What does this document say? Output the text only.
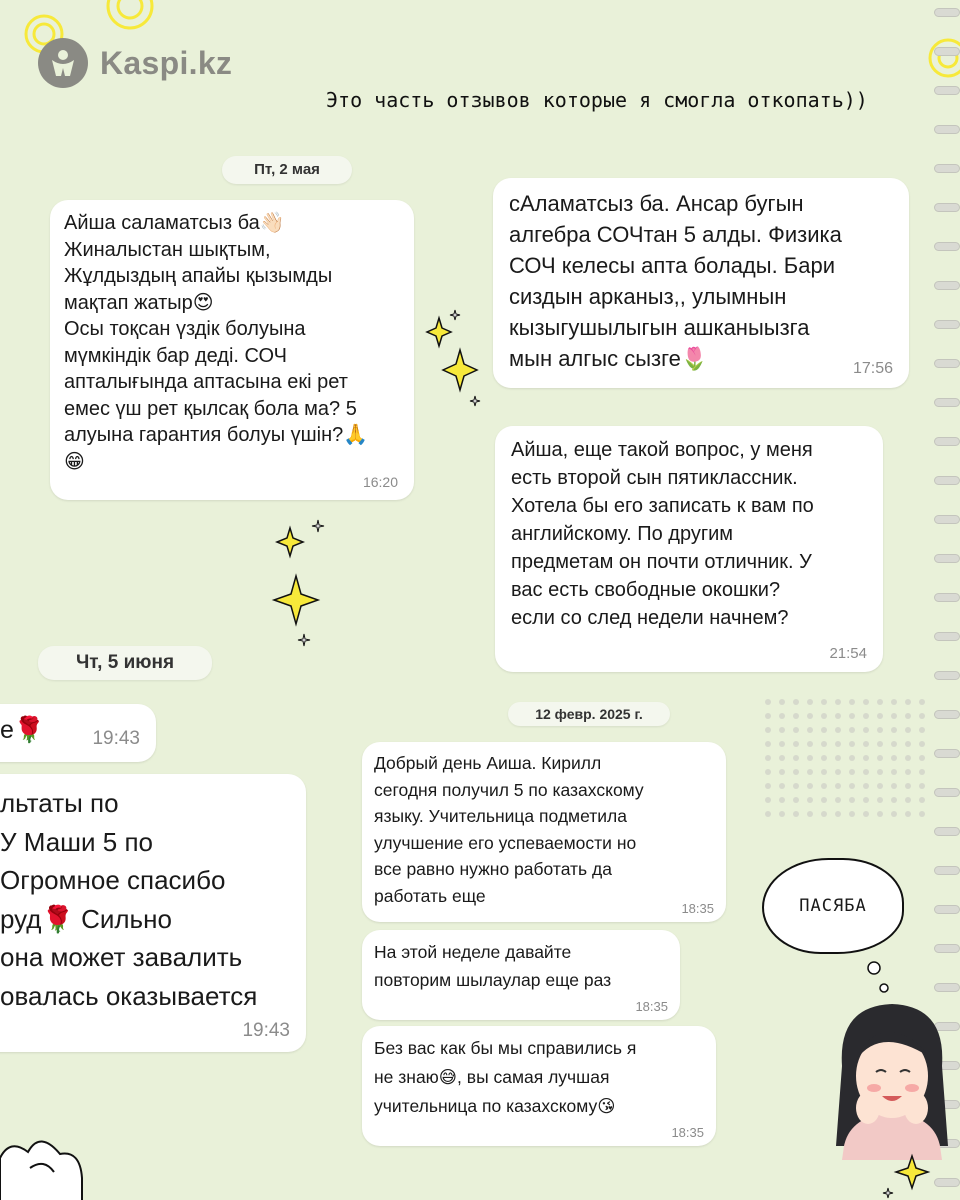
Kaspi.kz
Это часть отзывов которые я смогла откопать))
Пт, 2 мая
Айша саламатсыз ба👋🏻
Жиналыстан шықтым,
Жұлдыздың апайы қызымды
мақтап жатыр😍
Осы тоқсан үздік болуына
мүмкіндік бар деді. СОЧ
апталығында аптасына екі рет
емес үш рет қылсақ бола ма? 5
алуына гарантия болуы үшін?🙏
😁
16:20
сАламатсыз ба. Ансар бугын
алгебра СОЧтан 5 алды. Физика
СОЧ келесы апта болады. Бари
сиздын арканыз,, улымнын
кызыгушылыгын ашканыызга
мын алгыс сызге🌷	17:56
Айша, еще такой вопрос, у меня
есть второй сын пятиклассник.
Хотела бы его записать к вам по
английскому. По другим
предметам он почти отличник. У
вас есть свободные окошки?
если со след недели начнем?
21:54
Чт, 5 июня
е🌹	19:43
льтаты по
У Маши 5 по
Огромное спасибо
руд🌹 Сильно
она может завалить
овалась оказывается
19:43
12 февр. 2025 г.
Добрый день Аиша. Кирилл
сегодня получил 5 по казахскому
языку. Учительница подметила
улучшение его успеваемости но
все равно нужно работать да
работать еще
18:35
На этой неделе давайте
повторим шылаулар еще раз
18:35
Без вас как бы мы справились я
не знаю😅, вы самая лучшая
учительница по казахскому😘
18:35
ПАСЯБА
